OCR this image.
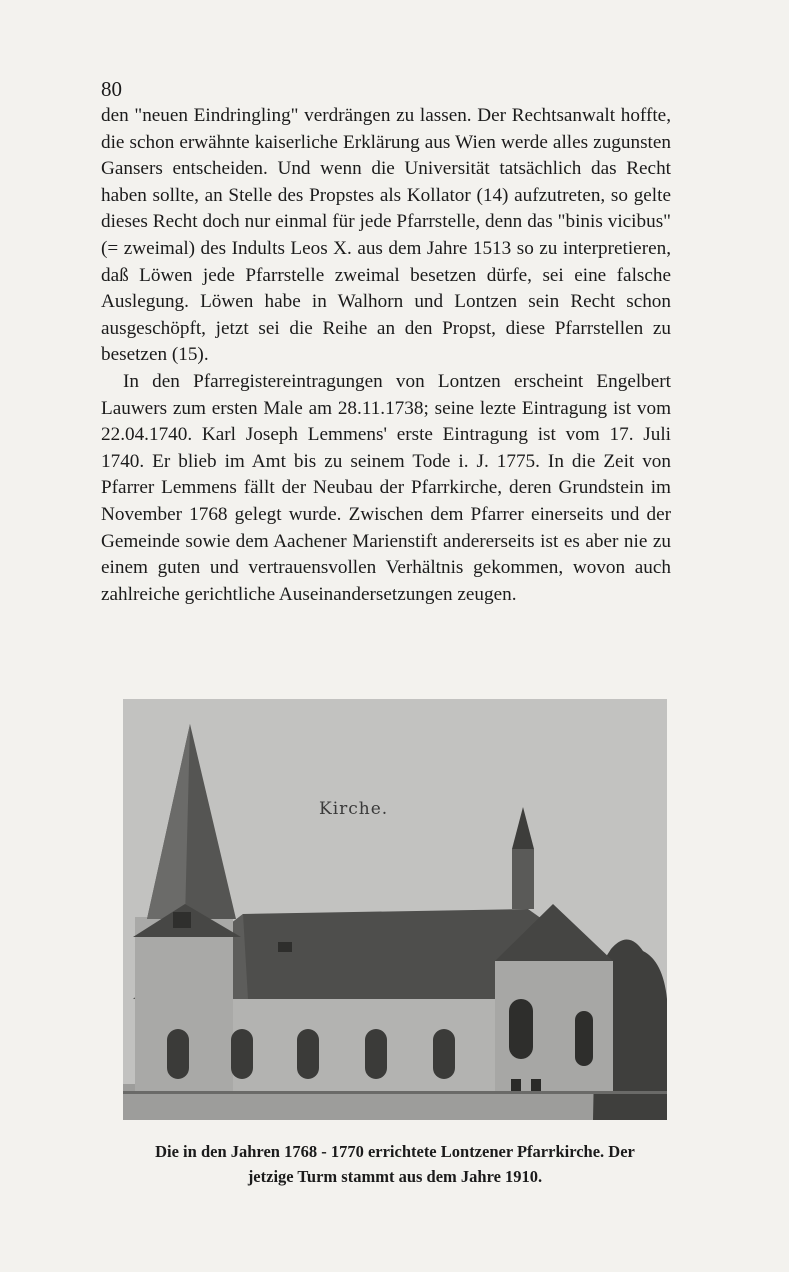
80

den "neuen Eindringling" verdrängen zu lassen. Der Rechtsanwalt hoffte, die schon erwähnte kaiserliche Erklärung aus Wien werde alles zugunsten Gansers entscheiden. Und wenn die Universität tatsächlich das Recht haben sollte, an Stelle des Propstes als Kollator (14) aufzutreten, so gelte dieses Recht doch nur einmal für jede Pfarrstelle, denn das "binis vicibus" (= zweimal) des Indults Leos X. aus dem Jahre 1513 so zu interpretieren, daß Löwen jede Pfarrstelle zweimal besetzen dürfe, sei eine falsche Auslegung. Löwen habe in Walhorn und Lontzen sein Recht schon ausgeschöpft, jetzt sei die Reihe an den Propst, diese Pfarrstellen zu besetzen (15).

In den Pfarregistereintragungen von Lontzen erscheint Engelbert Lauwers zum ersten Male am 28.11.1738; seine lezte Eintragung ist vom 22.04.1740. Karl Joseph Lemmens' erste Eintragung ist vom 17. Juli 1740. Er blieb im Amt bis zu seinem Tode i. J. 1775. In die Zeit von Pfarrer Lemmens fällt der Neubau der Pfarrkirche, deren Grundstein im November 1768 gelegt wurde. Zwischen dem Pfarrer einerseits und der Gemeinde sowie dem Aachener Marienstift andererseits ist es aber nie zu einem guten und vertrauensvollen Verhältnis gekommen, wovon auch zahlreiche gerichtliche Auseinandersetzungen zeugen.

Kirche.
Die in den Jahren 1768 - 1770 errichtete Lontzener Pfarrkirche. Der
jetzige Turm stammt aus dem Jahre 1910.
